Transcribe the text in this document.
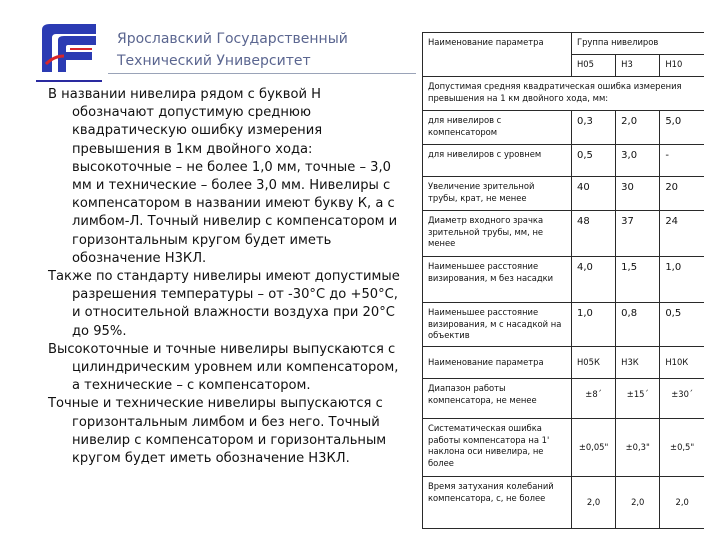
Ярославский Государственный
Технический Университет

В названии нивелира рядом с буквой Н обозначают допустимую среднюю квадратическую ошибку измерения превышения в 1км двойного хода: высокоточные – не более 1,0 мм, точные – 3,0 мм и технические – более 3,0 мм. Нивелиры с компенсатором в названии имеют букву К, а с лимбом-Л. Точный нивелир с компенсатором и горизонтальным кругом будет иметь обозначение Н3КЛ.

Также по стандарту нивелиры имеют допустимые разрешения температуры – от -30°С до +50°С, и относительной влажности воздуха при 20°С до 95%.

Высокоточные и точные нивелиры выпускаются с цилиндрическим уровнем или компенсатором, а технические – с компенсатором.

Точные и технические нивелиры выпускаются с горизонтальным лимбом и без него. Точный нивелир с компенсатором и горизонтальным кругом будет иметь обозначение Н3КЛ.

Наименование параметра	Группа нивелиров		
	Н05	Н3	Н10
Допустимая средняя квадратическая ошибка измерения превышения на 1 км двойного хода, мм:			
для нивелиров с компенсатором	0,3	2,0	5,0
для нивелиров с уровнем	0,5	3,0	-
Увеличение зрительной трубы, крат, не менее	40	30	20
Диаметр входного зрачка зрительной трубы, мм, не менее	48	37	24
Наименьшее расстояние визирования, м без насадки	4,0	1,5	1,0
Наименьшее расстояние визирования, м с насадкой на объектив	1,0	0,8	0,5
Наименование параметра	Н05К	Н3К	Н10К
Диапазон работы компенсатора, не менее	±8´	±15´	±30´
Систематическая ошибка работы компенсатора на 1' наклона оси нивелира, не более	±0,05"	±0,3"	±0,5"
Время затухания колебаний компенсатора, с, не более	2,0	2,0	2,0
